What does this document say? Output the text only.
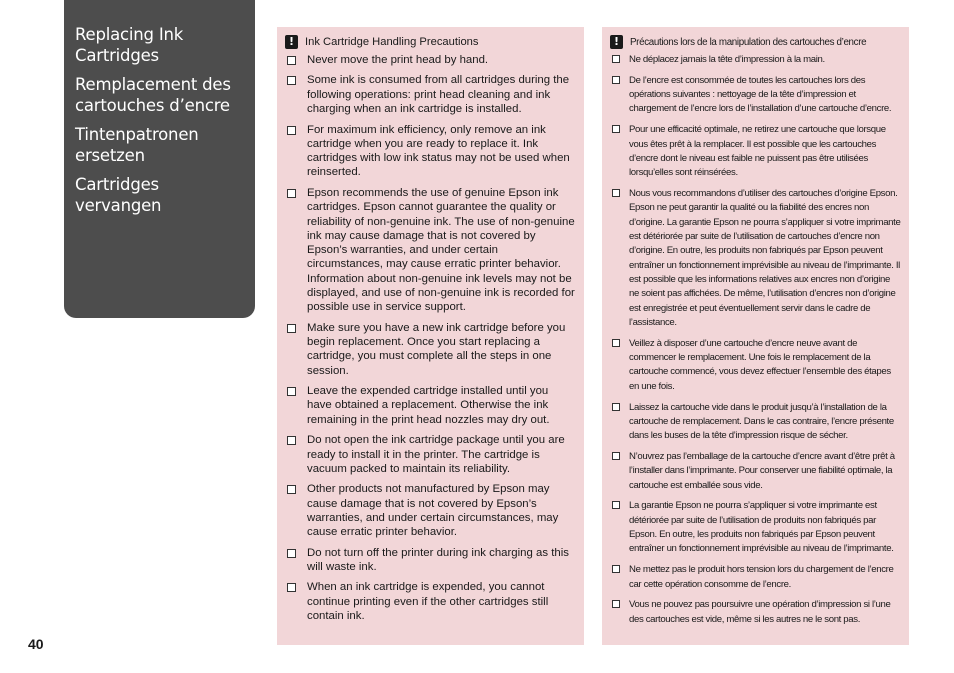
Replacing Ink Cartridges
Remplacement des cartouches d’encre
Tintenpatronen ersetzen
Cartridges vervangen
! Ink Cartridge Handling Precautions
Never move the print head by hand.
Some ink is consumed from all cartridges during the following operations: print head cleaning and ink charging when an ink cartridge is installed.
For maximum ink efficiency, only remove an ink cartridge when you are ready to replace it. Ink cartridges with low ink status may not be used when reinserted.
Epson recommends the use of genuine Epson ink cartridges. Epson cannot guarantee the quality or reliability of non-genuine ink. The use of non-genuine ink may cause damage that is not covered by Epson’s warranties, and under certain circumstances, may cause erratic printer behavior. Information about non-genuine ink levels may not be displayed, and use of non-genuine ink is recorded for possible use in service support.
Make sure you have a new ink cartridge before you begin replacement. Once you start replacing a cartridge, you must complete all the steps in one session.
Leave the expended cartridge installed until you have obtained a replacement. Otherwise the ink remaining in the print head nozzles may dry out.
Do not open the ink cartridge package until you are ready to install it in the printer. The cartridge is vacuum packed to maintain its reliability.
Other products not manufactured by Epson may cause damage that is not covered by Epson’s warranties, and under certain circumstances, may cause erratic printer behavior.
Do not turn off the printer during ink charging as this will waste ink.
When an ink cartridge is expended, you cannot continue printing even if the other cartridges still contain ink.
!	Précautions lors de la manipulation des cartouches d’encre
Ne déplacez jamais la tête d’impression à la main.
De l’encre est consommée de toutes les cartouches lors des opérations suivantes : nettoyage de la tête d’impression et chargement de l’encre lors de l’installation d’une cartouche d’encre.
Pour une efficacité optimale, ne retirez une cartouche que lorsque vous êtes prêt à la remplacer. Il est possible que les cartouches d’encre dont le niveau est faible ne puissent pas être utilisées lorsqu’elles sont réinsérées.
Nous vous recommandons d’utiliser des cartouches d’origine Epson. Epson ne peut garantir la qualité ou la fiabilité des encres non d’origine. La garantie Epson ne pourra s’appliquer si votre imprimante est détériorée par suite de l’utilisation de cartouches d’encre non d’origine. En outre, les produits non fabriqués par Epson peuvent entraîner un fonctionnement imprévisible au niveau de l’imprimante. Il est possible que les informations relatives aux encres non d’origine ne soient pas affichées. De même, l’utilisation d’encres non d’origine est enregistrée et peut éventuellement servir dans le cadre de l’assistance.
Veillez à disposer d’une cartouche d’encre neuve avant de commencer le remplacement. Une fois le remplacement de la cartouche commencé, vous devez effectuer l’ensemble des étapes en une fois.
Laissez la cartouche vide dans le produit jusqu’à l’installation de la cartouche de remplacement. Dans le cas contraire, l’encre présente dans les buses de la tête d’impression risque de sécher.
N’ouvrez pas l’emballage de la cartouche d’encre avant d’être prêt à l’installer dans l’imprimante. Pour conserver une fiabilité optimale, la cartouche est emballée sous vide.
La garantie Epson ne pourra s’appliquer si votre imprimante est détériorée par suite de l’utilisation de produits non fabriqués par Epson. En outre, les produits non fabriqués par Epson peuvent entraîner un fonctionnement imprévisible au niveau de l’imprimante.
Ne mettez pas le produit hors tension lors du chargement de l’encre car cette opération consomme de l’encre.
Vous ne pouvez pas poursuivre une opération d’impression si l’une des cartouches est vide, même si les autres ne le sont pas.
40
